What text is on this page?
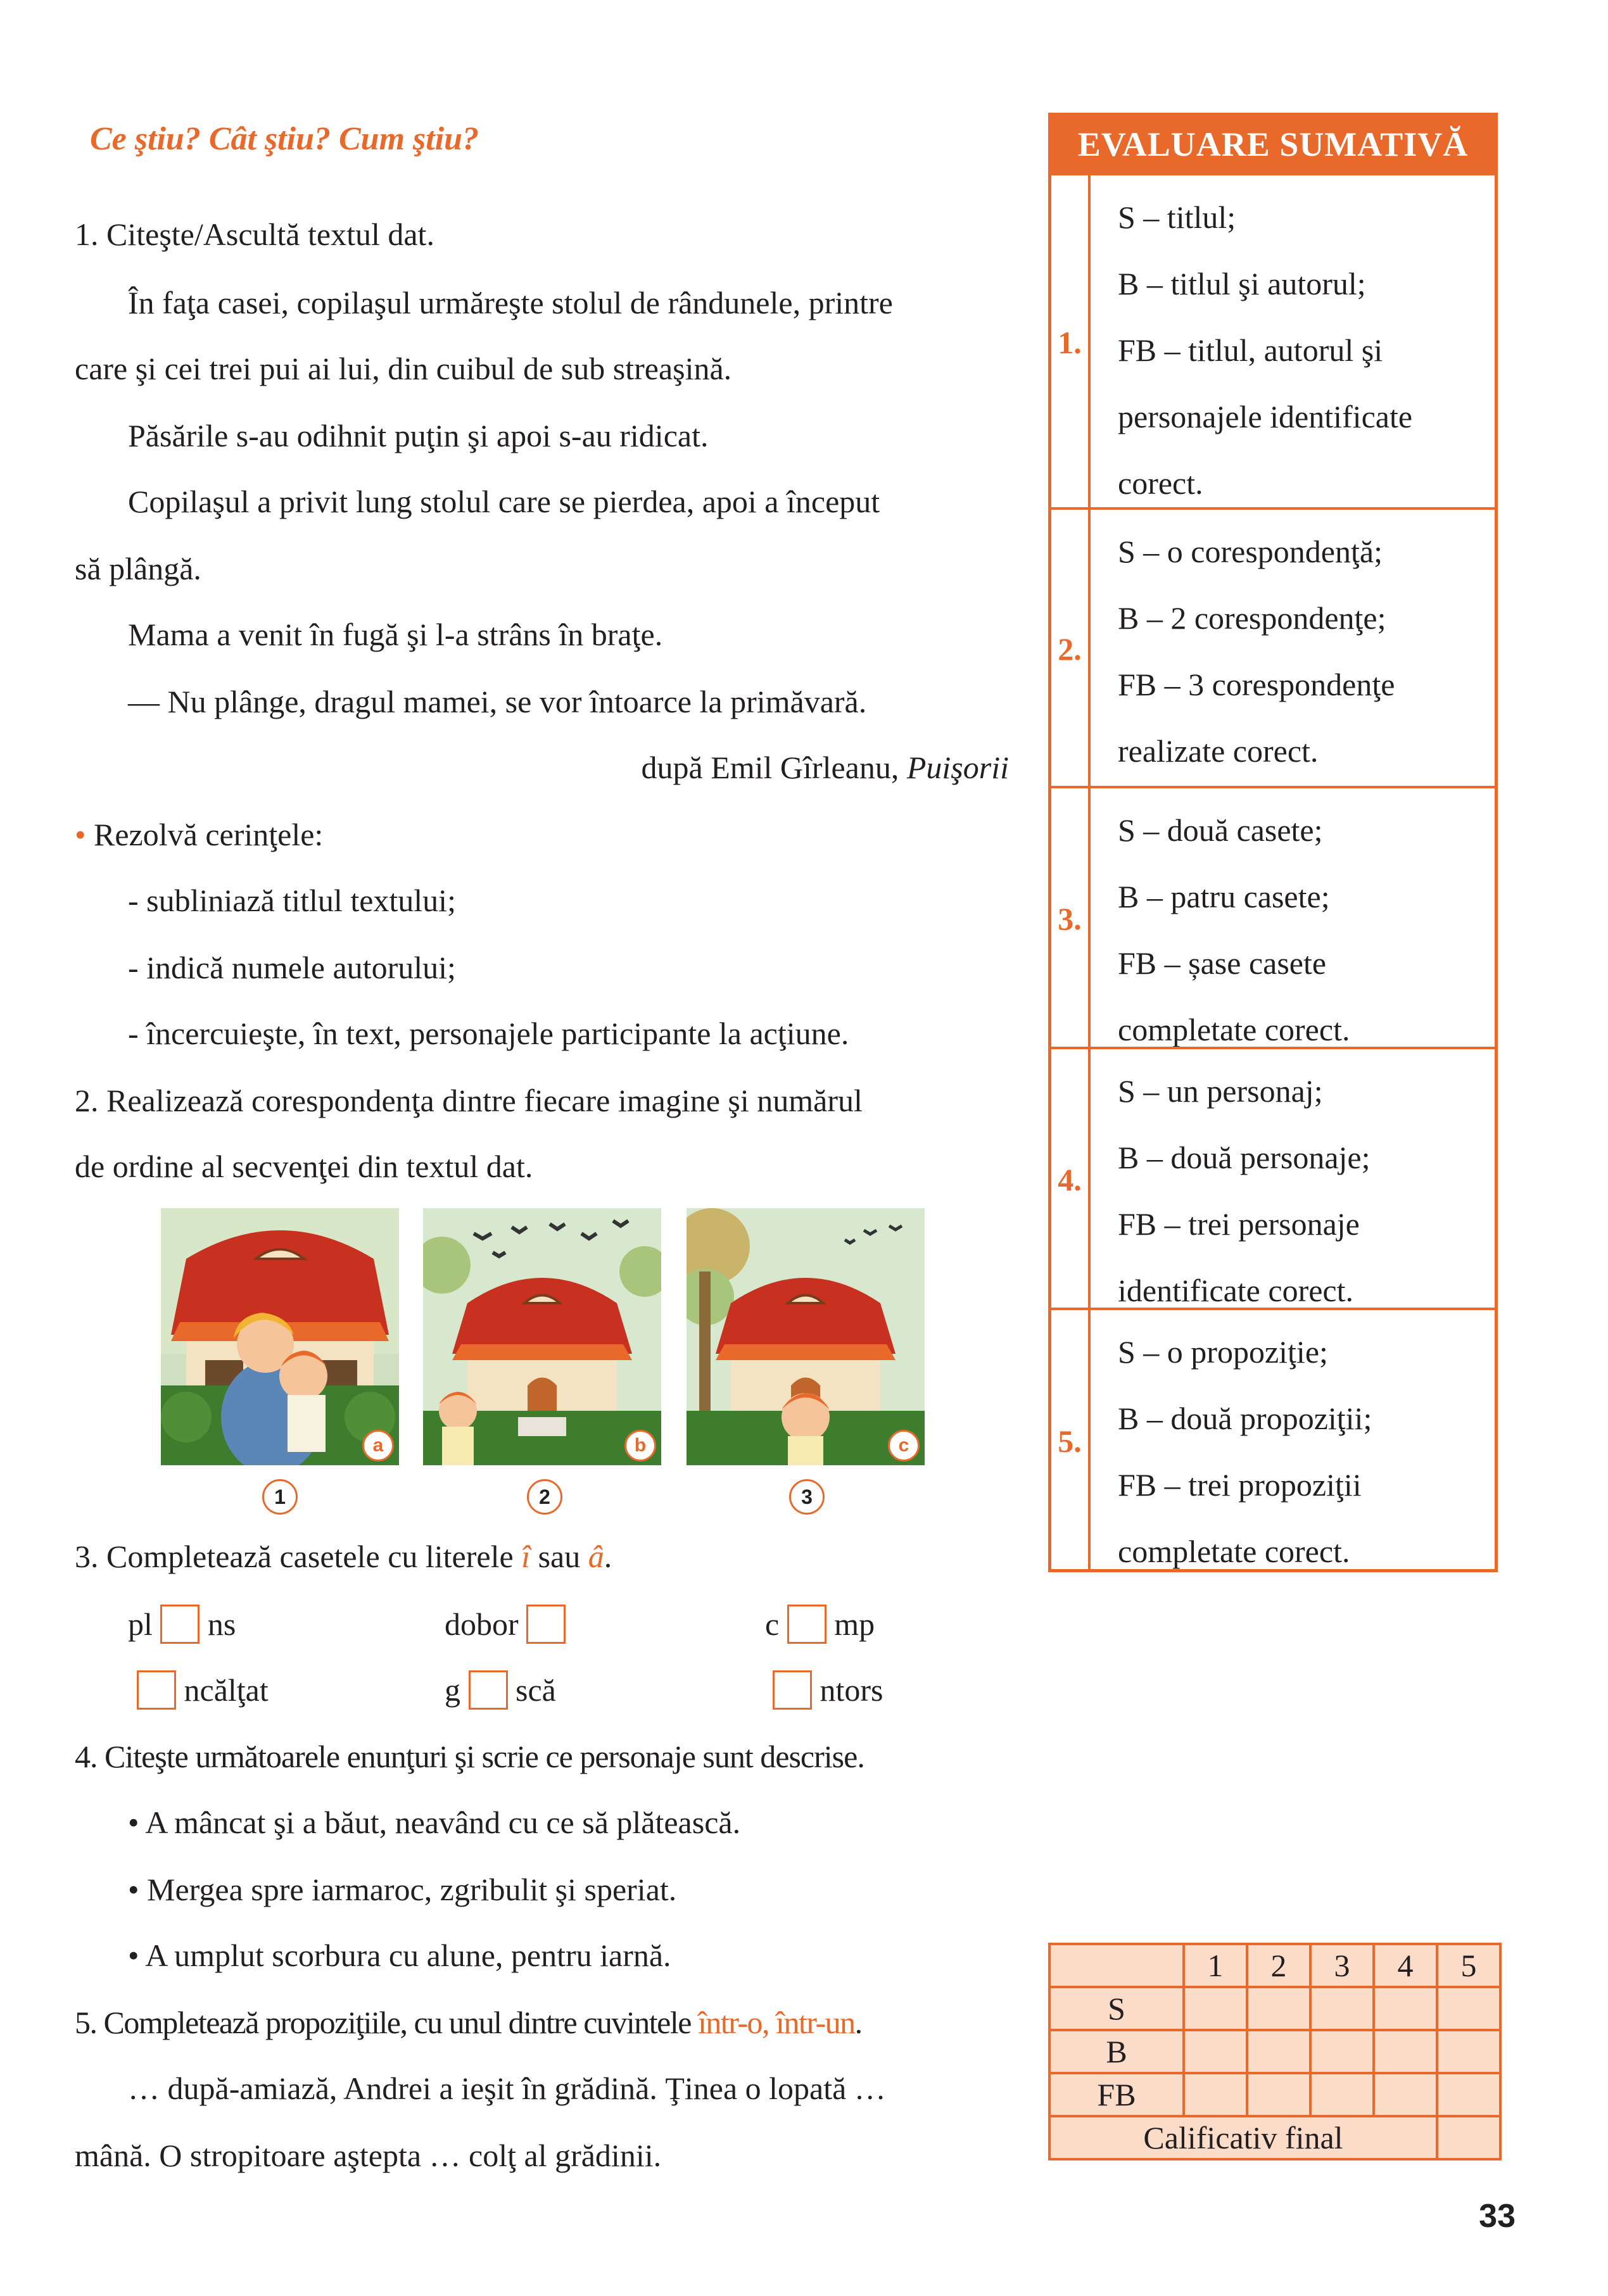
Ce ştiu? Cât ştiu? Cum ştiu?
1. Citeşte/Ascultă textul dat.
În faţa casei, copilaşul urmăreşte stolul de rândunele, printre
care şi cei trei pui ai lui, din cuibul de sub streaşină.
Păsările s-au odihnit puţin şi apoi s-au ridicat.
Copilaşul a privit lung stolul care se pierdea, apoi a început
să plângă.
Mama a venit în fugă şi l-a strâns în braţe.
— Nu plânge, dragul mamei, se vor întoarce la primăvară.
după Emil Gîrleanu, Puişorii
• Rezolvă cerinţele:
- subliniază titlul textului;
- indică numele autorului;
- încercuieşte, în text, personajele participante la acţiune.
2. Realizează corespondenţa dintre fiecare imagine şi numărul
de ordine al secvenţei din textul dat.
a	b	c
1	2	3
3. Completează casetele cu literele î sau â.
pl ns	dobor	c mp
ncălţat	g scă	ntors
4. Citeşte următoarele enunţuri şi scrie ce personaje sunt descrise.
• A mâncat şi a băut, neavând cu ce să plătească.
• Mergea spre iarmaroc, zgribulit şi speriat.
• A umplut scorbura cu alune, pentru iarnă.
5. Completează propoziţiile, cu unul dintre cuvintele într-o, într-un.
… după-amiază, Andrei a ieşit în grădină. Ţinea o lopată …
mână. O stropitoare aştepta … colţ al grădinii.
EVALUARE SUMATIVĂ
1.
S – titlul;
B – titlul şi autorul;
FB – titlul, autorul şi
personajele identificate
corect.
2.
S – o corespondenţă;
B – 2 corespondenţe;
FB – 3 corespondenţe
realizate corect.
3.
S – două casete;
B – patru casete;
FB – șase casete
completate corect.
4.
S – un personaj;
B – două personaje;
FB – trei personaje
identificate corect.
5.
S – o propoziţie;
B – două propoziţii;
FB – trei propoziţii
completate corect.
	1	2	3	4	5
S					
B					
FB					
Calificativ final					
33
